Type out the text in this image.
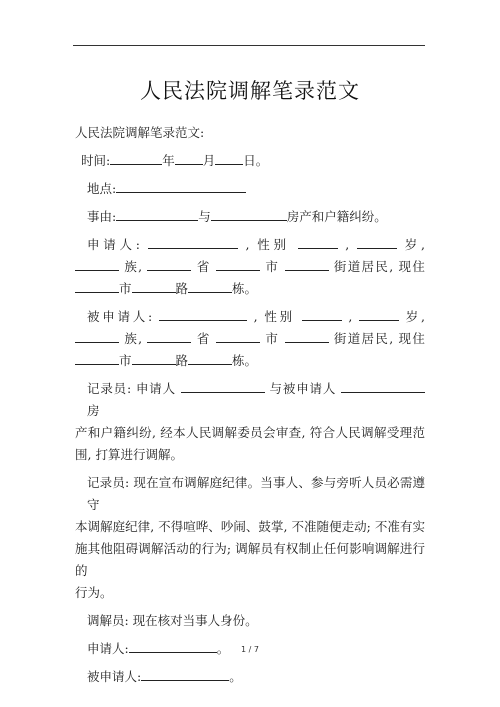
人民法院调解笔录范文

人民法院调解笔录范文:

时间:	年 月 日。

地点:

事由:	与	房产和户籍纠纷。

申请人:	, 性别	,	岁,

族,	省	市	街道居民, 现住

市	路	栋。

被申请人:	, 性别	,	岁,

族,	省	市	街道居民, 现住

市	路	栋。

记录员: 申请人	与被申请人  房

产和户籍纠纷, 经本人民调解委员会审查, 符合人民调解受理范

围, 打算进行调解。

记录员: 现在宣布调解庭纪律。当事人、参与旁听人员必需遵守

本调解庭纪律, 不得喧哗、吵闹、鼓掌, 不准随便走动; 不准有实

施其他阻碍调解活动的行为; 调解员有权制止任何影响调解进行的

行为。

调解员: 现在核对当事人身份。

申请人:	。

被申请人:	。

1 / 7
